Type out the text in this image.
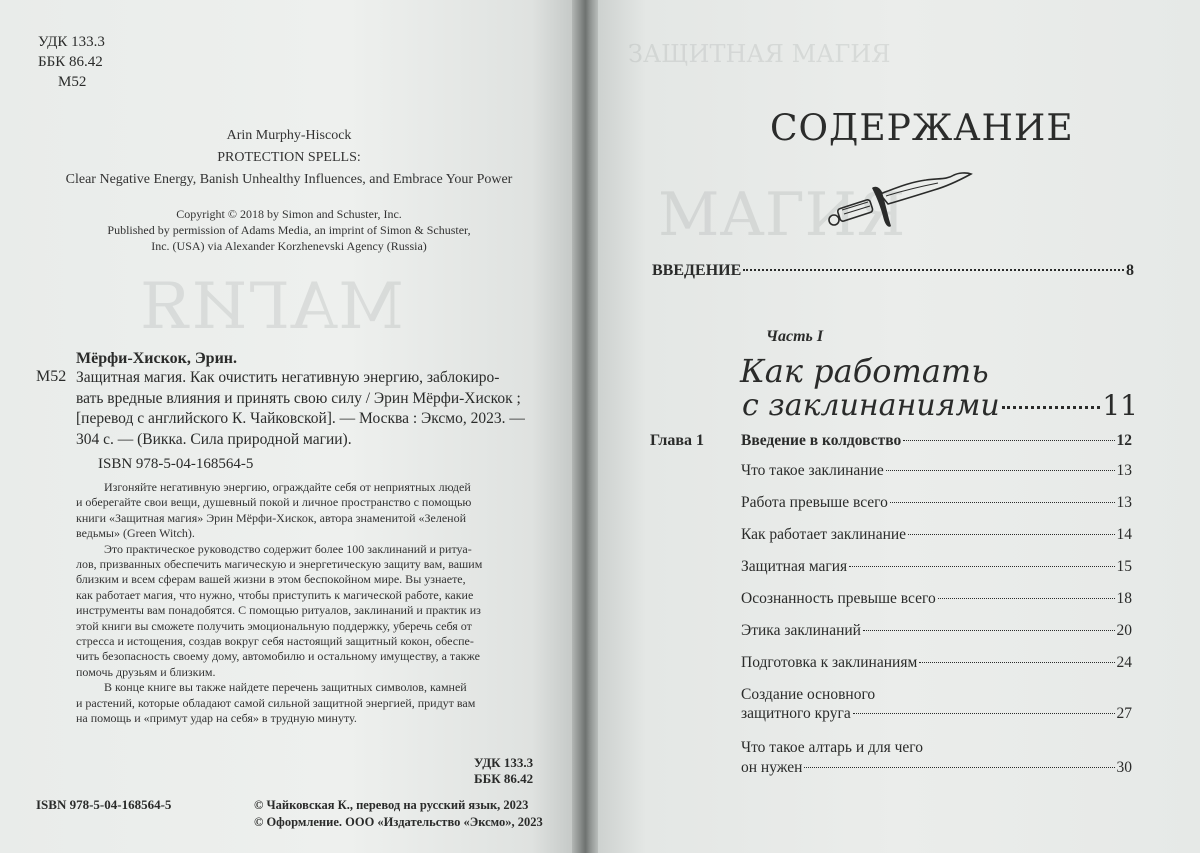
МАГИЯ
УДК 133.3
ББК 86.42
М52
Arin Murphy-Hiscock
PROTECTION SPELLS:
Clear Negative Energy, Banish Unhealthy Influences, and Embrace Your Power
Copyright © 2018 by Simon and Schuster, Inc.
Published by permission of Adams Media, an imprint of Simon & Schuster,
Inc. (USA) via Alexander Korzhenevski Agency (Russia)
Мёрфи-Хискок, Эрин.
М52 Защитная магия. Как очистить негативную энергию, заблокиро-
вать вредные влияния и принять свою силу / Эрин Мёрфи-Хискок ;
[перевод с английского К. Чайковской]. — Москва : Эксмо, 2023. —
304 с. — (Викка. Сила природной магии).
ISBN 978-5-04-168564-5
Изгоняйте негативную энергию, ограждайте себя от неприятных людей
и оберегайте свои вещи, душевный покой и личное пространство с помощью
книги «Защитная магия» Эрин Мёрфи-Хискок, автора знаменитой «Зеленой
ведьмы» (Green Witch).
Это практическое руководство содержит более 100 заклинаний и ритуа-
лов, призванных обеспечить магическую и энергетическую защиту вам, вашим
близким и всем сферам вашей жизни в этом беспокойном мире. Вы узнаете,
как работает магия, что нужно, чтобы приступить к магической работе, какие
инструменты вам понадобятся. С помощью ритуалов, заклинаний и практик из
этой книги вы сможете получить эмоциональную поддержку, уберечь себя от
стресса и истощения, создав вокруг себя настоящий защитный кокон, обеспе-
чить безопасность своему дому, автомобилю и остальному имуществу, а также
помочь друзьям и близким.
В конце книге вы также найдете перечень защитных символов, камней
и растений, которые обладают самой сильной защитной энергией, придут вам
на помощь и «примут удар на себя» в трудную минуту.
УДК 133.3
ББК 86.42
ISBN 978-5-04-168564-5	© Чайковская К., перевод на русский язык, 2023
© Оформление. ООО «Издательство «Эксмо», 2023
ЗАЩИТНАЯ МАГИЯ
МАГИЯ
СОДЕРЖАНИЕ
ВВЕДЕНИЕ	8
Часть I
Как работать
с заклинаниями	11
Глава 1 Введение в колдовство	12
Что такое заклинание	13
Работа превыше всего	13
Как работает заклинание	14
Защитная магия	15
Осознанность превыше всего	18
Этика заклинаний	20
Подготовка к заклинаниям	24
Создание основного
защитного круга	27
Что такое алтарь и для чего
он нужен	30
